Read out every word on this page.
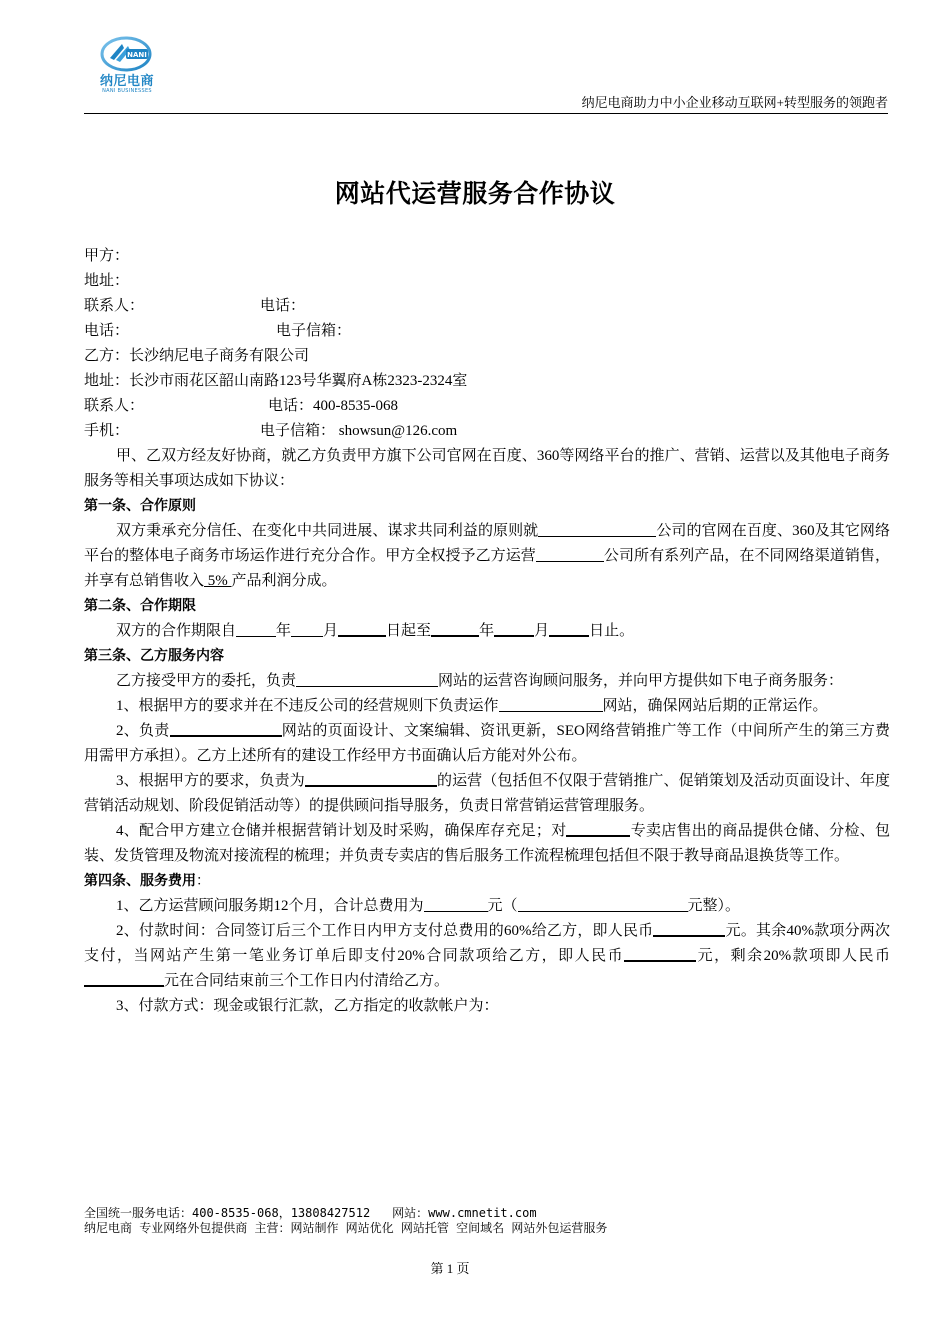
NANI
纳尼电商
NANI BUSINESSES
纳尼电商助力中小企业移动互联网+转型服务的领跑者
网站代运营服务合作协议

甲方：

地址：

联系人：	电话：

电话：	电子信箱：

乙方：长沙纳尼电子商务有限公司

地址：长沙市雨花区韶山南路123号华翼府A栋2323-2324室

联系人：	电话：400-8535-068

手机：	电子信箱： showsun@126.com

甲、乙双方经友好协商，就乙方负责甲方旗下公司官网在百度、360等网络平台的推广、营销、运营以及其他电子商务服务等相关事项达成如下协议：

第一条、合作原则

双方秉承充分信任、在变化中共同进展、谋求共同利益的原则就	公司的官网在百度、360及其它网络平台的整体电子商务市场运作进行充分合作。甲方全权授予乙方运营	公司所有系列产品，在不同网络渠道销售，并享有总销售收入 5% 产品利润分成。

第二条、合作期限

双方的合作期限自	年 月	日起至	年	月	日止。

第三条、乙方服务内容

乙方接受甲方的委托，负责	网站的运营咨询顾问服务，并向甲方提供如下电子商务服务：

1、根据甲方的要求并在不违反公司的经营规则下负责运作	网站，确保网站后期的正常运作。

2、负责	网站的页面设计、文案编辑、资讯更新，SEO网络营销推广等工作（中间所产生的第三方费用需甲方承担）。乙方上述所有的建设工作经甲方书面确认后方能对外公布。

3、根据甲方的要求，负责为	的运营（包括但不仅限于营销推广、促销策划及活动页面设计、年度营销活动规划、阶段促销活动等）的提供顾问指导服务，负责日常营销运营管理服务。

4、配合甲方建立仓储并根据营销计划及时采购，确保库存充足；对	专卖店售出的商品提供仓储、分检、包装、发货管理及物流对接流程的梳理；并负责专卖店的售后服务工作流程梳理包括但不限于教导商品退换货等工作。

第四条、服务费用：

1、乙方运营顾问服务期12个月，合计总费用为	元（	元整）。

2、付款时间：合同签订后三个工作日内甲方支付总费用的60%给乙方，即人民币	元。其余40%款项分两次支付，当网站产生第一笔业务订单后即支付20%合同款项给乙方，即人民币	元，剩余20%款项即人民币元在合同结束前三个工作日内付清给乙方。

3、付款方式：现金或银行汇款，乙方指定的收款帐户为：

全国统一服务电话：400-8535-068，13808427512 网站：www.cmnetit.com
纳尼电商 专业网络外包提供商 主营：网站制作 网站优化 网站托管 空间域名 网站外包运营服务
第 1 页
